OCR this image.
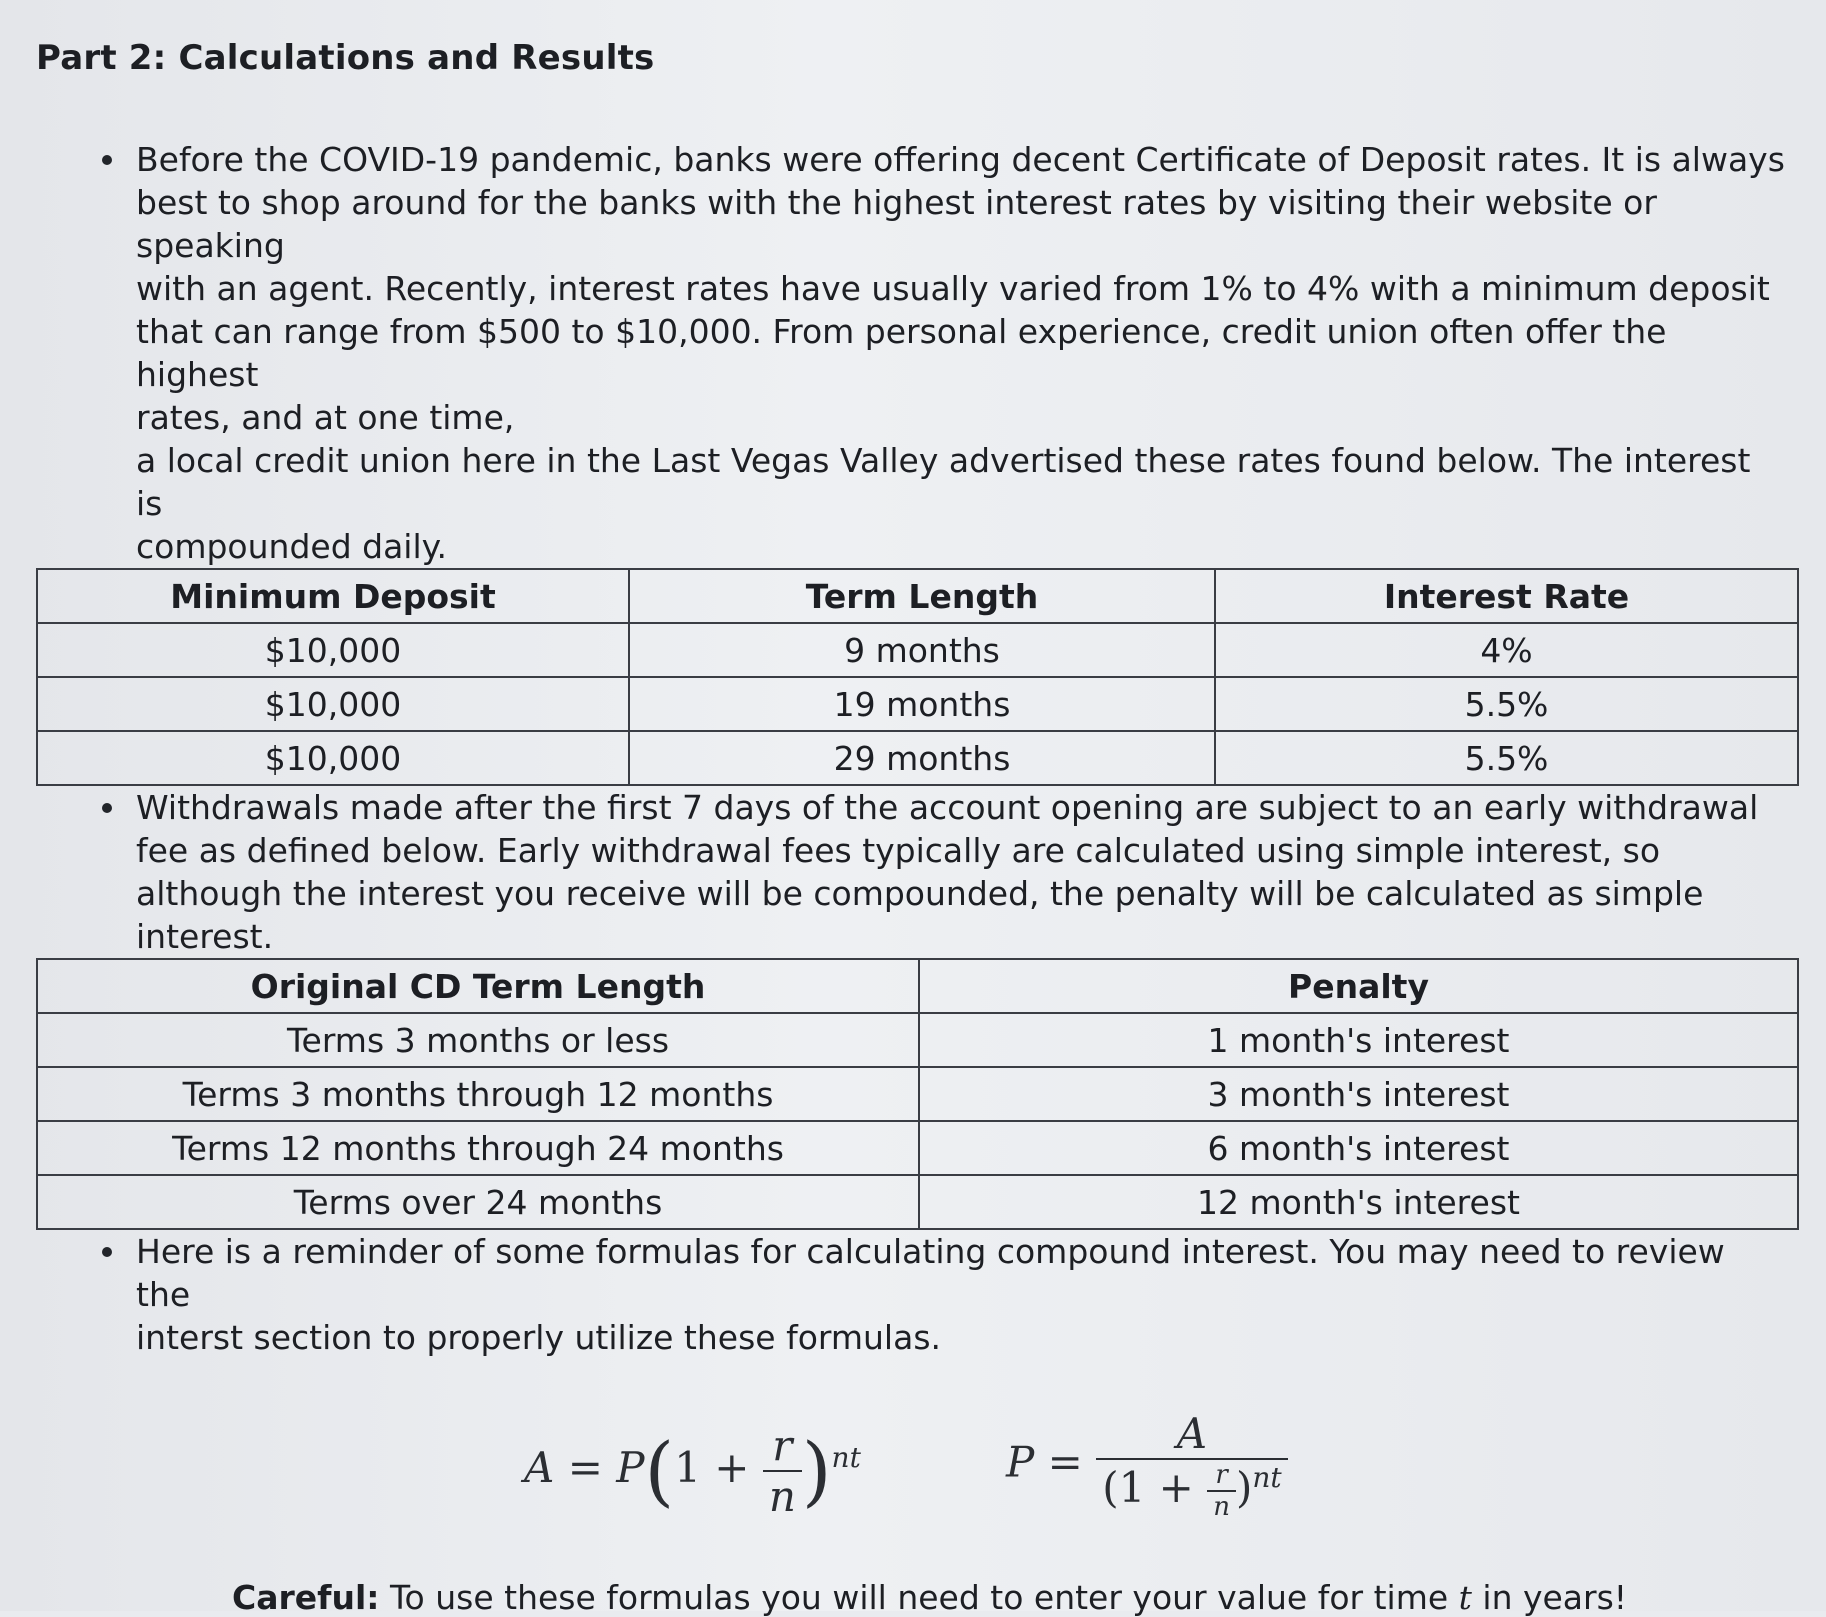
Part 2: Calculations and Results
Before the COVID-19 pandemic, banks were offering decent Certificate of Deposit rates. It is always
best to shop around for the banks with the highest interest rates by visiting their website or speaking
with an agent. Recently, interest rates have usually varied from 1% to 4% with a minimum deposit
that can range from $500 to $10,000. From personal experience, credit union often offer the highest
rates, and at one time,
a local credit union here in the Last Vegas Valley advertised these rates found below. The interest is
compounded daily.
Minimum Deposit	Term Length	Interest Rate
$10,000	9 months	4%
$10,000	19 months	5.5%
$10,000	29 months	5.5%
Withdrawals made after the first 7 days of the account opening are subject to an early withdrawal
fee as defined below. Early withdrawal fees typically are calculated using simple interest, so
although the interest you receive will be compounded, the penalty will be calculated as simple
interest.
Original CD Term Length	Penalty
Terms 3 months or less	1 month's interest
Terms 3 months through 12 months	3 month's interest
Terms 12 months through 24 months	6 month's interest
Terms over 24 months	12 month's interest
Here is a reminder of some formulas for calculating compound interest. You may need to review the
interst section to properly utilize these formulas.
$A = P(1 + \frac{r}{n} )^{nt}$	$P = \frac{A}{(1 + \frac{r}{n} )^{nt}}$
Careful: To use these formulas you will need to enter your value for time t in years!
